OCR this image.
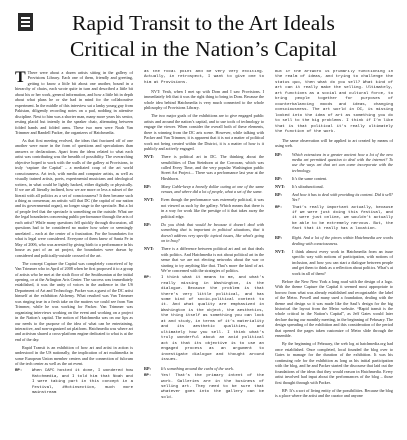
Rapid Transit to the Art Ideals
Critical in the Nation’s Capital
T There were about a dozen artists sitting in the gallery of Provisions Library. Each one of them, friendly and greeting, getting to know a little bit about one another, bound in a hierarchy of chairs, each wrote quite in turn and described a little bit about his or her work, general information, and how a little bit in depth about what plans he or she had in mind for the collaborative experiment. In the middle of this interview sat a lanky young guy from Pakistan, diligently recording notes on a pad, nodding in attentive discipline. Next to him was a shorter man, many more years his senior, resting placid but intently in the speaker chair, alternating between folded hands and folded arms. These two men were Noah Van Trimmer and Randell Packer, the organizers of Hatchmedia.
As that first meeting evolved, the ideas that fractured off of one another were more in the form of questions and speculations than answers or declarations. Apart from the ideas related to what each artist was contributing was the breadth of possibility. The overarching objective hoped to work with the walls of the gallery at Provisions, to truly ‘capture the Capital’ – a mediated coup of the art world consciousness. Art tech, with media and computer artists, as well as visually trained artists, poets, experimental musicians and ideological writers, in what could be lightly hacked, either digitally or physically. If we are all literally inclined, how we are more or less a subset of the literati with all politics as a set of consciousness? It then became such a thing as consensus; an artistic will that DC (the capital of our nation and its governmental organ), no longer stage to the spectacle. But a lot of people feel that the spectacle is something on the outside. What are the legal boundaries concerning public performance through the arts of each artist? While many questions fell quickly through discussion, all questions had to be considered no matter how sober or seemingly unrelated – each at the center of a frustration. For the boundaries for what is legal were considered. Everyone of them knew of Santa Fe in May of 2006, who was arrested by giving birth to a performance in his house as part of an art project, the boundaries were drawn by considered and politically-outside crossed of the art.
The concept Capture the Capital was completely conceived of by Van Trimmer who in April of 2008 when he first proposed it to a group of artists who he met at the sixth floor of the Smithsonian at the initial opening, or at the Arlington Arts Center. The success was immediately established, it was the unity of voices in the audience in the US Department of Art and Technology. Packer was a guest of the DC artist himself at the exhibition Alchemy. What resulted was Van Trimmer was ringing true in a fresh take on the matters we could see from Van Trimmer, while he was working for Packer. Van Trimmer was organizing interviews working on the event and working on a project in the Nation’s capital. The notion of Hatchmedia was on our lips as our needs to the purpose of the idea of what can be entertaining, interactive, and non-organized art platform. Hatchmedia was where art and activism shared a cross-platform engine dedicated to what is at the end of the day.
Rapid Transit is an exhibition of how art and artist in action is understood in the US nationally, the implication of art multimedia in some European Union member centers and the connection of fulcrum of the tech center as well as the art event.
RP:	When CAPC hosted it done, I wondered how Hatchmedia, and I told him that Noah and I were taking part in this concept in a Festival, #Hotinsection, much more mainstream
as the focal point and be very very exciting. Actually, in retrospect, I want to give one to him at Provisions.
NVT: Yeah, when I met up with Dom and I saw Provisions. I immediately felt that it was the right thing to bring in Dom. Because the whole idea behind Hatchmedia is very much connected to the whole philosophy of Provisions Library.
The two major goals of the exhibitions are to give engaged public artists and around the nation’s capital, and to use tools of technology to engage the viewer. When consider the overall both of these elements, there is winning from the DC arts scene. However, while talking with Packer and Van Trimmer, it is apparent that it is not a matter of political work not being created within the District, it is a matter of how is it publicly and actively engaged.
NVT:	There is political art in DC. The thinking about the sensibilities of Dan Steinhorn at the Corcoran, which was called Every Time, and the very popular Washington public Street Art Project.... There was a performance last year at the Hirshhorn.
RP:	Many Cable-keep a heavily dollar outing at one of the same venues, and where did a lot of people, what a set of the same.
NVT:	Even though the performance was extremely political, it was not viewed as such by the gallery. Which means that there is in a way for work like the prestige of it that takes away the political edge.
RP:	Do you think that would be because it doesn’t deal with something that is important in political situations, that it doesn’t address very specific topical issues, like what’s going on in Iraq?
NVT:	There is a difference between political art and art that deals with politics. And Hatchmedia is not about political art in the sense that we are not electing networks about the war or starting to try anything like that. That’s more the kind of art. We’re concerned with the strategies of politics.
RP:	I think what it means to me, and what’s really missing in Washington, is the dialogue. Because the problem is that there’s very little political, and has some kind of socio-political context to it. And what quality are emphasized in Washington is the object, the aesthetics, the thing itself as something you can look at and study, in terms of it’s materiality and its aesthetic qualities, and ultimately how you sell. I think what’s truly wonderful about an avid political act is that its objective is to use an engaged process as an argument to investigate dialogue and thought around issues.
RP:	It’s something around the curbs of the work.
RP:	Yes! That’s the primary intent of the work. Galleries are in the business of selling art. They need to be sure that whatever goes into the gallery can be sold.
But if the artwork is primarily functioning in the realm of ideas, and trying to challenge the status quo, then what do you sell? What kind of art can it really make the selling. Ultimately, art functions as a social and cultural force, to bring people together for purposes of counterbalancing moods and ideas, changing consciousness. The art world in DC, is missing looked into the idea of art as something you do to sell to the big problems. I think if I’m like that is that political it’s really ultimately the function of the work.
The same observation will be applied to art created by means of using web.
RP:	Which extensions in a greater ancient how a lot of the new media art permitted question to deal with the internet? To use the ways art that art can come incorporate with the technology.
RP:	It’s the same content.
NVT:	It’s ultrafunctional.
RP:	And how it has to deal with providing its content. Did it sell? Yes?
RP:	That’s really important actually, because if we were just doing this festival, and it were just online, we wouldn’t actually be able to be extremely nervous. But, the fact that it really has a location.
RP:	Right. And a lot of the pieces within Hatchmedia are works dealing with consciousness.
NVT:	I think almost every work in Hatchmedia from an issue specific way with notions of participation, with notions of inclusion, and how you can start a dialogue between people and get them to think as a reflection about politics. What’s at work in all of them?
Before the New New York a long road with the design of a logo. With the theme Capture the Capital it seemed most appropriate to borrow from what was already established and recognizable: the label of the Metro. Powell and many used a foundation, dealing with the theme and design so it was made like the Saul’s design for the big historical the layout from the Metro website. “Rapid transit is the whole critical in the Nation’s Capital”, as Jeff Gates would later declare during our monthly meeting, in the beginning of February. The design spreading of the exhibition and this consideration of the period that opened the pages taken customize of Metro slide through the ensemble.
By the beginning of February, the web log at hatchmedia.org had once established. Once completed, local founded the blog over to Gates to manage for the duration of the exhibition. It was his continuing role for the exhibition as long as his initial participation with the blog, and he and Packer started the discourse that laid out the foundations of the ideas that they would reason in Hatchmedia. Every artist involved had input about the performances of the blog – those first thought through with Packer.
RP: It’s a sort of living entity of the possibilities. Because the blog is a place where the artist and the curator and anyone
